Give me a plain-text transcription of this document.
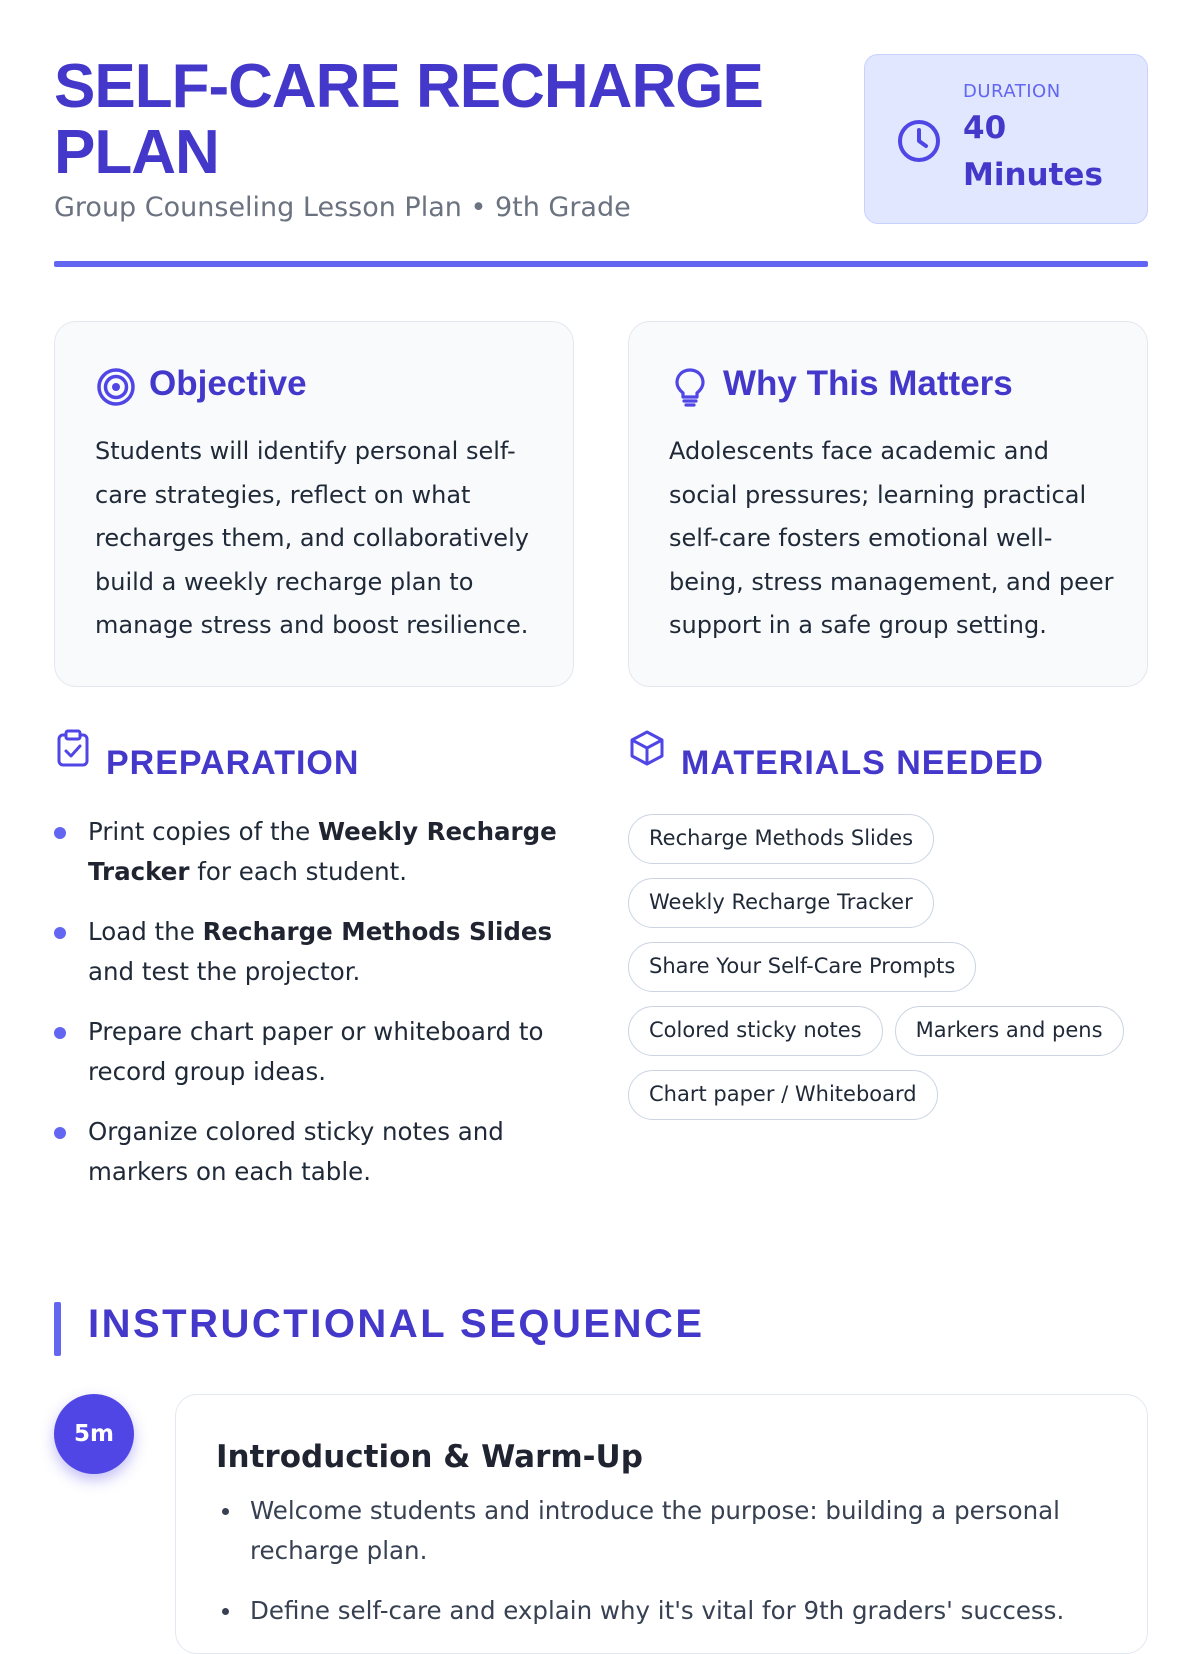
SELF-CARE RECHARGE PLAN
Group Counseling Lesson Plan • 9th Grade
DURATION
40 Minutes
Objective

Students will identify personal self-care strategies, reflect on what recharges them, and collaboratively build a weekly recharge plan to manage stress and boost resilience.

Why This Matters

Adolescents face academic and social pressures; learning practical self-care fosters emotional well-being, stress management, and peer support in a safe group setting.

PREPARATION
Print copies of the Weekly Recharge Tracker for each student.
Load the Recharge Methods Slides and test the projector.
Prepare chart paper or whiteboard to record group ideas.
Organize colored sticky notes and markers on each table.
MATERIALS NEEDED
Recharge Methods Slides
Weekly Recharge Tracker
Share Your Self-Care Prompts
Colored sticky notes	Markers and pens
Chart paper / Whiteboard
INSTRUCTIONAL SEQUENCE
5m
Introduction & Warm-Up
Welcome students and introduce the purpose: building a personal recharge plan.
Define self-care and explain why it's vital for 9th graders' success.
